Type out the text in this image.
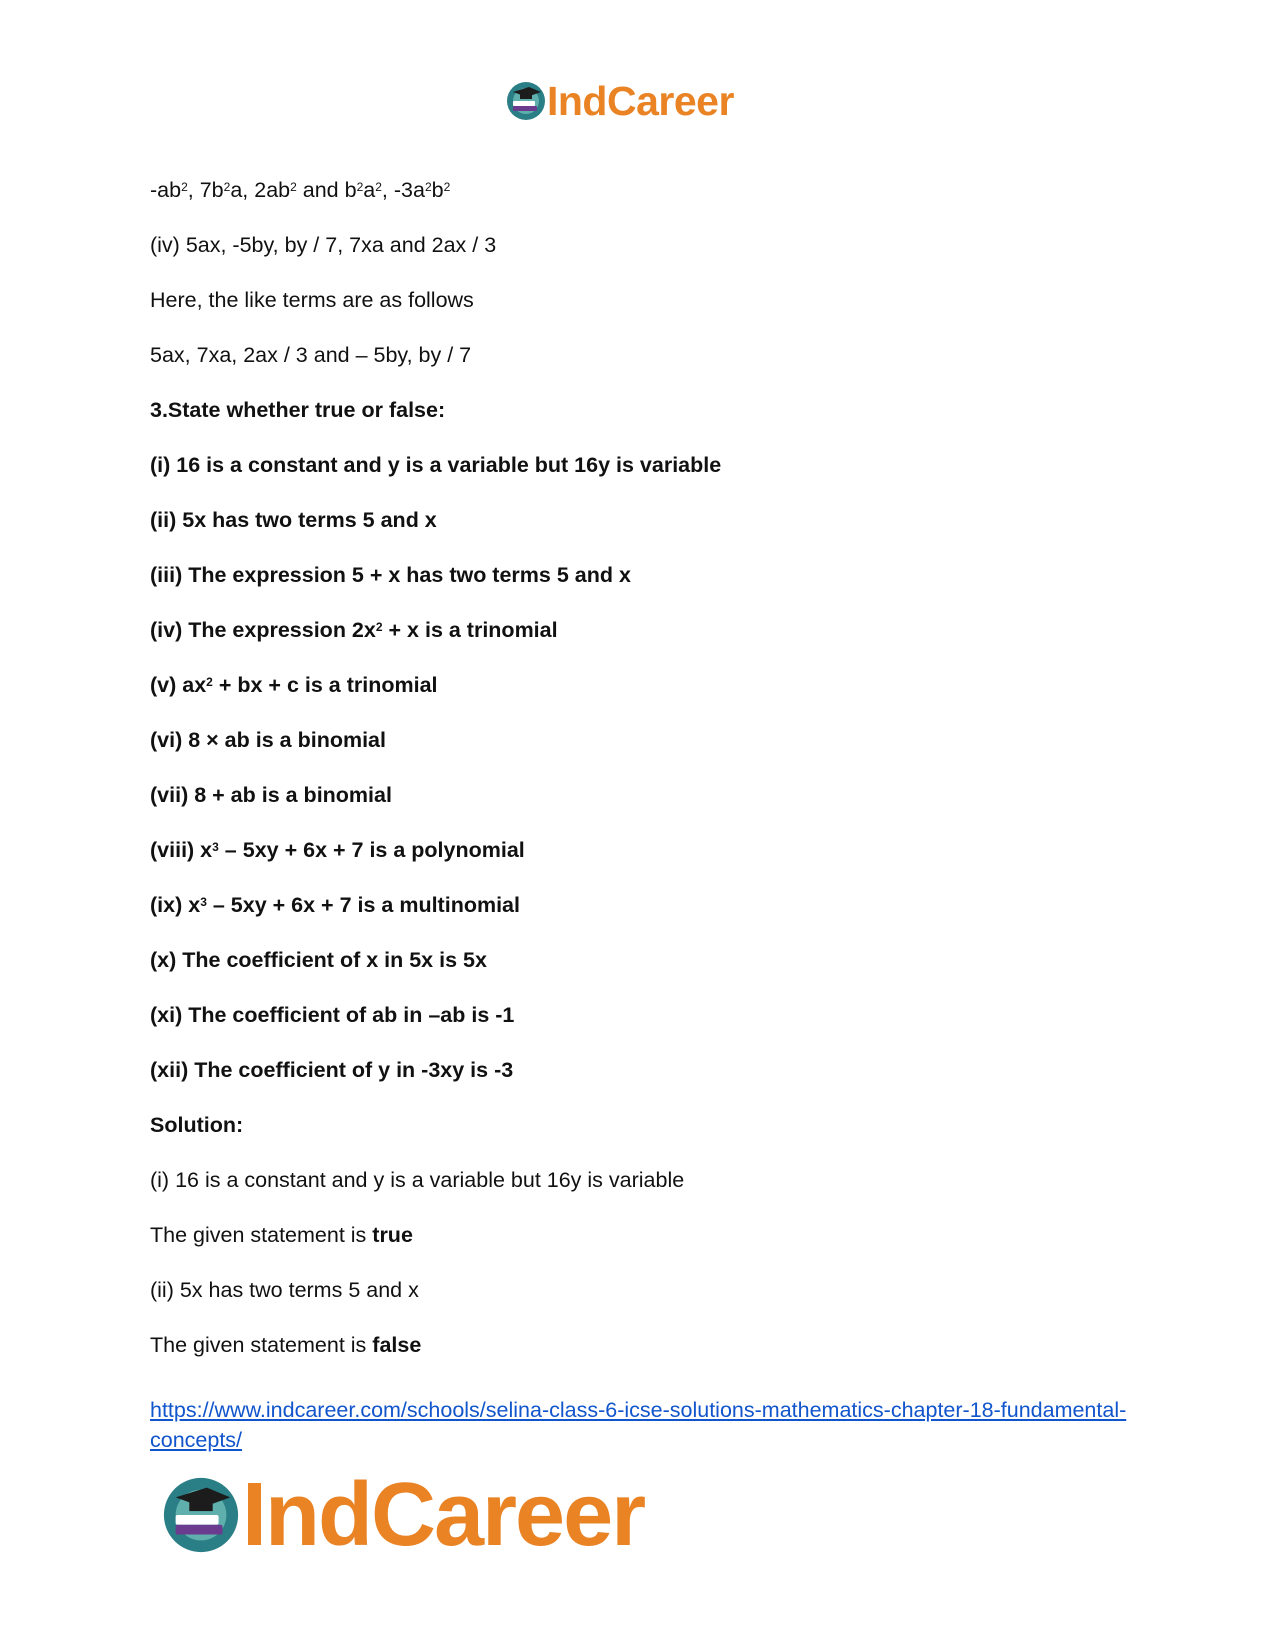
IndCareer
$-ab^2$, $7b^2a$, $2ab^2$ and $b^2a^2$, $-3a^2b^2$
(iv) 5ax, -5by, by / 7, 7xa and 2ax / 3
Here, the like terms are as follows
5ax, 7xa, 2ax / 3 and – 5by, by / 7
3.State whether true or false:
(i) 16 is a constant and y is a variable but 16y is variable
(ii) 5x has two terms 5 and x
(iii) The expression 5 + x has two terms 5 and x
(iv) The expression $2x^2 + x$ is a trinomial
(v) $ax^2$ + bx + c is a trinomial
(vi) 8 × ab is a binomial
(vii) 8 + ab is a binomial
(viii) $x^3 - 5xy + 6x + 7$ is a polynomial
(ix) $x^3 - 5xy + 6x + 7$ is a multinomial
(x) The coefficient of x in 5x is 5x
(xi) The coefficient of ab in –ab is -1
(xii) The coefficient of y in -3xy is -3
Solution:
(i) 16 is a constant and y is a variable but 16y is variable
The given statement is true
(ii) 5x has two terms 5 and x
The given statement is false
https://www.indcareer.com/schools/selina-class-6-icse-solutions-mathematics-chapter-18-fundamental-concepts/
IndCareer
